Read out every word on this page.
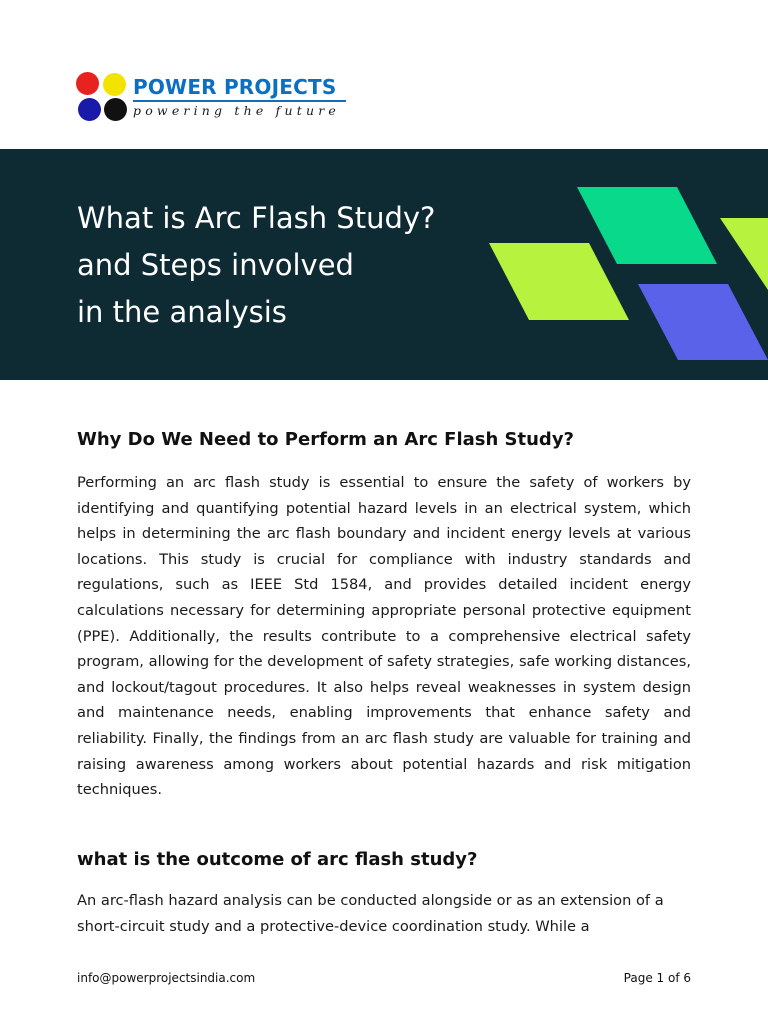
POWER PROJECTS
powering the future
What is Arc Flash Study?
and Steps involved
in the analysis
Why Do We Need to Perform an Arc Flash Study?

Performing an arc flash study is essential to ensure the safety of workers by identifying and quantifying potential hazard levels in an electrical system, which helps in determining the arc flash boundary and incident energy levels at various locations. This study is crucial for compliance with industry standards and regulations, such as IEEE Std 1584, and provides detailed incident energy calculations necessary for determining appropriate personal protective equipment (PPE). Additionally, the results contribute to a comprehensive electrical safety program, allowing for the development of safety strategies, safe working distances, and lockout/tagout procedures. It also helps reveal weaknesses in system design and maintenance needs, enabling improvements that enhance safety and reliability. Finally, the findings from an arc flash study are valuable for training and raising awareness among workers about potential hazards and risk mitigation techniques.

what is the outcome of arc flash study?

An arc-flash hazard analysis can be conducted alongside or as an extension of a short-circuit study and a protective-device coordination study. While a

info@powerprojectsindia.com	Page 1 of 6
